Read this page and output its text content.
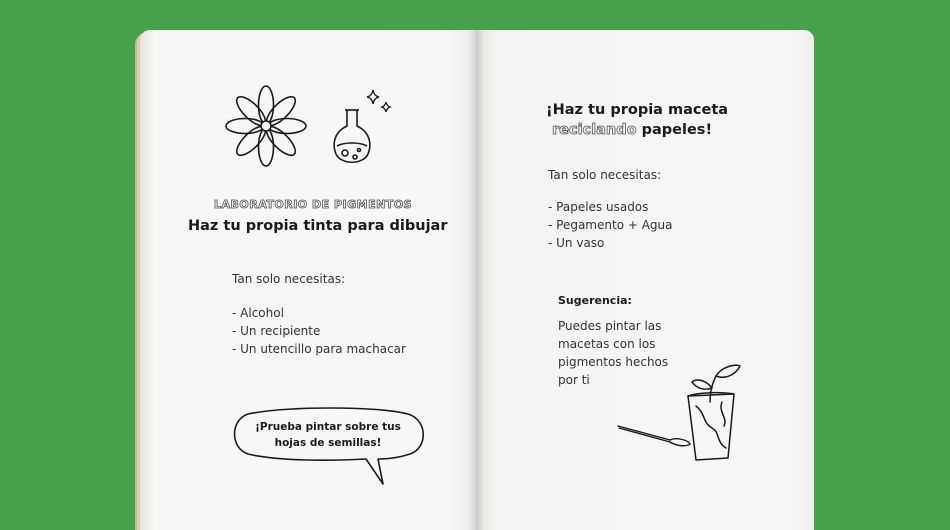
LABORATORIO DE PIGMENTOS
Haz tu propia tinta para dibujar
Tan solo necesitas:
- Alcohol
- Un recipiente
- Un utencillo para machacar
¡Prueba pintar sobre tus
hojas de semillas!
¡Haz tu propia maceta
reciclando papeles!
Tan solo necesitas:
- Papeles usados
- Pegamento + Agua
- Un vaso
Sugerencia:
Puedes pintar las
macetas con los
pigmentos hechos
por ti
